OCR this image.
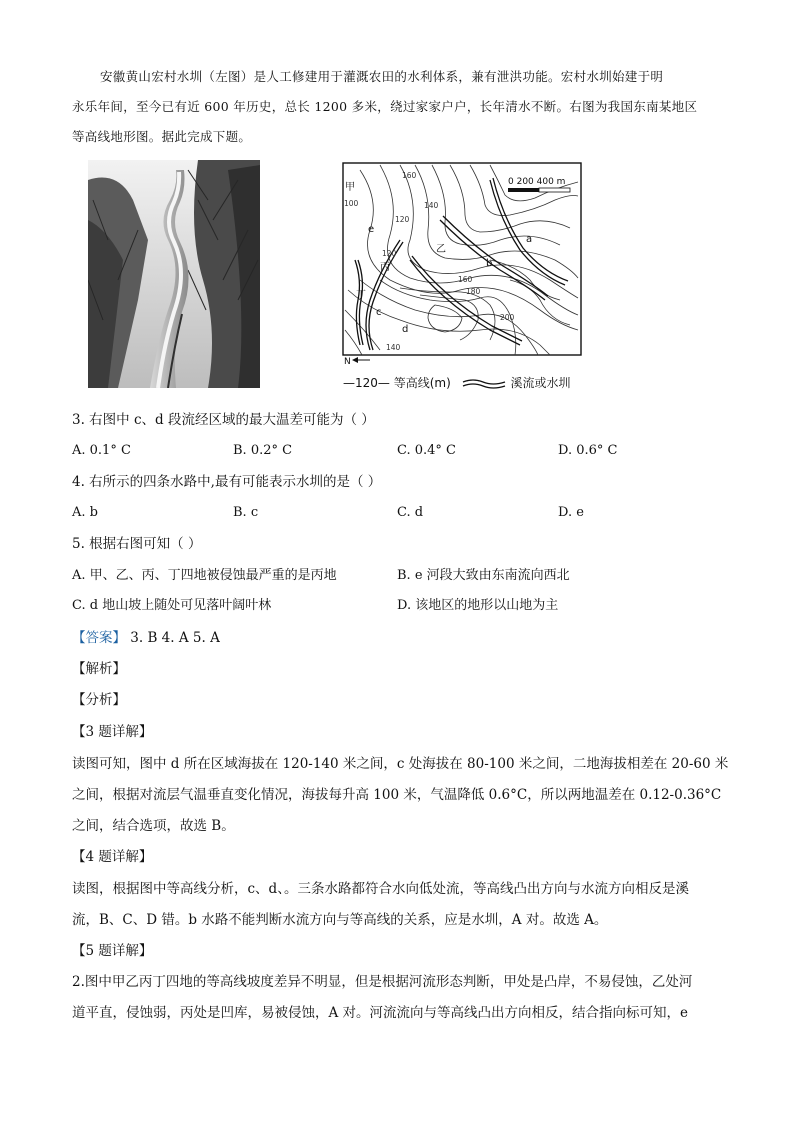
安徽黄山宏村水圳（左图）是人工修建用于灌溉农田的水利体系，兼有泄洪功能。宏村水圳始建于明
永乐年间，至今已有近 600 年历史，总长 1200 多米，绕过家家户户，长年清水不断。右图为我国东南某地区
等高线地形图。据此完成下题。
0 200 400 m
甲
乙
丙
丁
a
b
c
d
e
N
100
120
120
140
140
160
160
180
200
—120— 等高线(m)	溪流或水圳
3. 右图中 c、d 段流经区域的最大温差可能为（ ）
A. 0.1° C	B. 0.2° C	C. 0.4° C	D. 0.6° C
4. 右所示的四条水路中,最有可能表示水圳的是（ ）
A. b	B. c	C. d	D. e
5. 根据右图可知（ ）
A. 甲、乙、丙、丁四地被侵蚀最严重的是丙地	B. e 河段大致由东南流向西北
C. d 地山坡上随处可见落叶阔叶林	D. 该地区的地形以山地为主
【答案】 3. B 4. A 5. A
【解析】
【分析】
【3 题详解】
读图可知，图中 d 所在区域海拔在 120-140 米之间，c 处海拔在 80-100 米之间，二地海拔相差在 20-60 米
之间，根据对流层气温垂直变化情况，海拔每升高 100 米，气温降低 0.6°C，所以两地温差在 0.12-0.36°C
之间，结合选项，故选 B。
【4 题详解】
读图，根据图中等高线分析，c、d、。三条水路都符合水向低处流，等高线凸出方向与水流方向相反是溪
流，B、C、D 错。b 水路不能判断水流方向与等高线的关系，应是水圳，A 对。故选 A。
【5 题详解】
2.图中甲乙丙丁四地的等高线坡度差异不明显，但是根据河流形态判断，甲处是凸岸，不易侵蚀，乙处河
道平直，侵蚀弱，丙处是凹库，易被侵蚀，A 对。河流流向与等高线凸出方向相反，结合指向标可知，e
